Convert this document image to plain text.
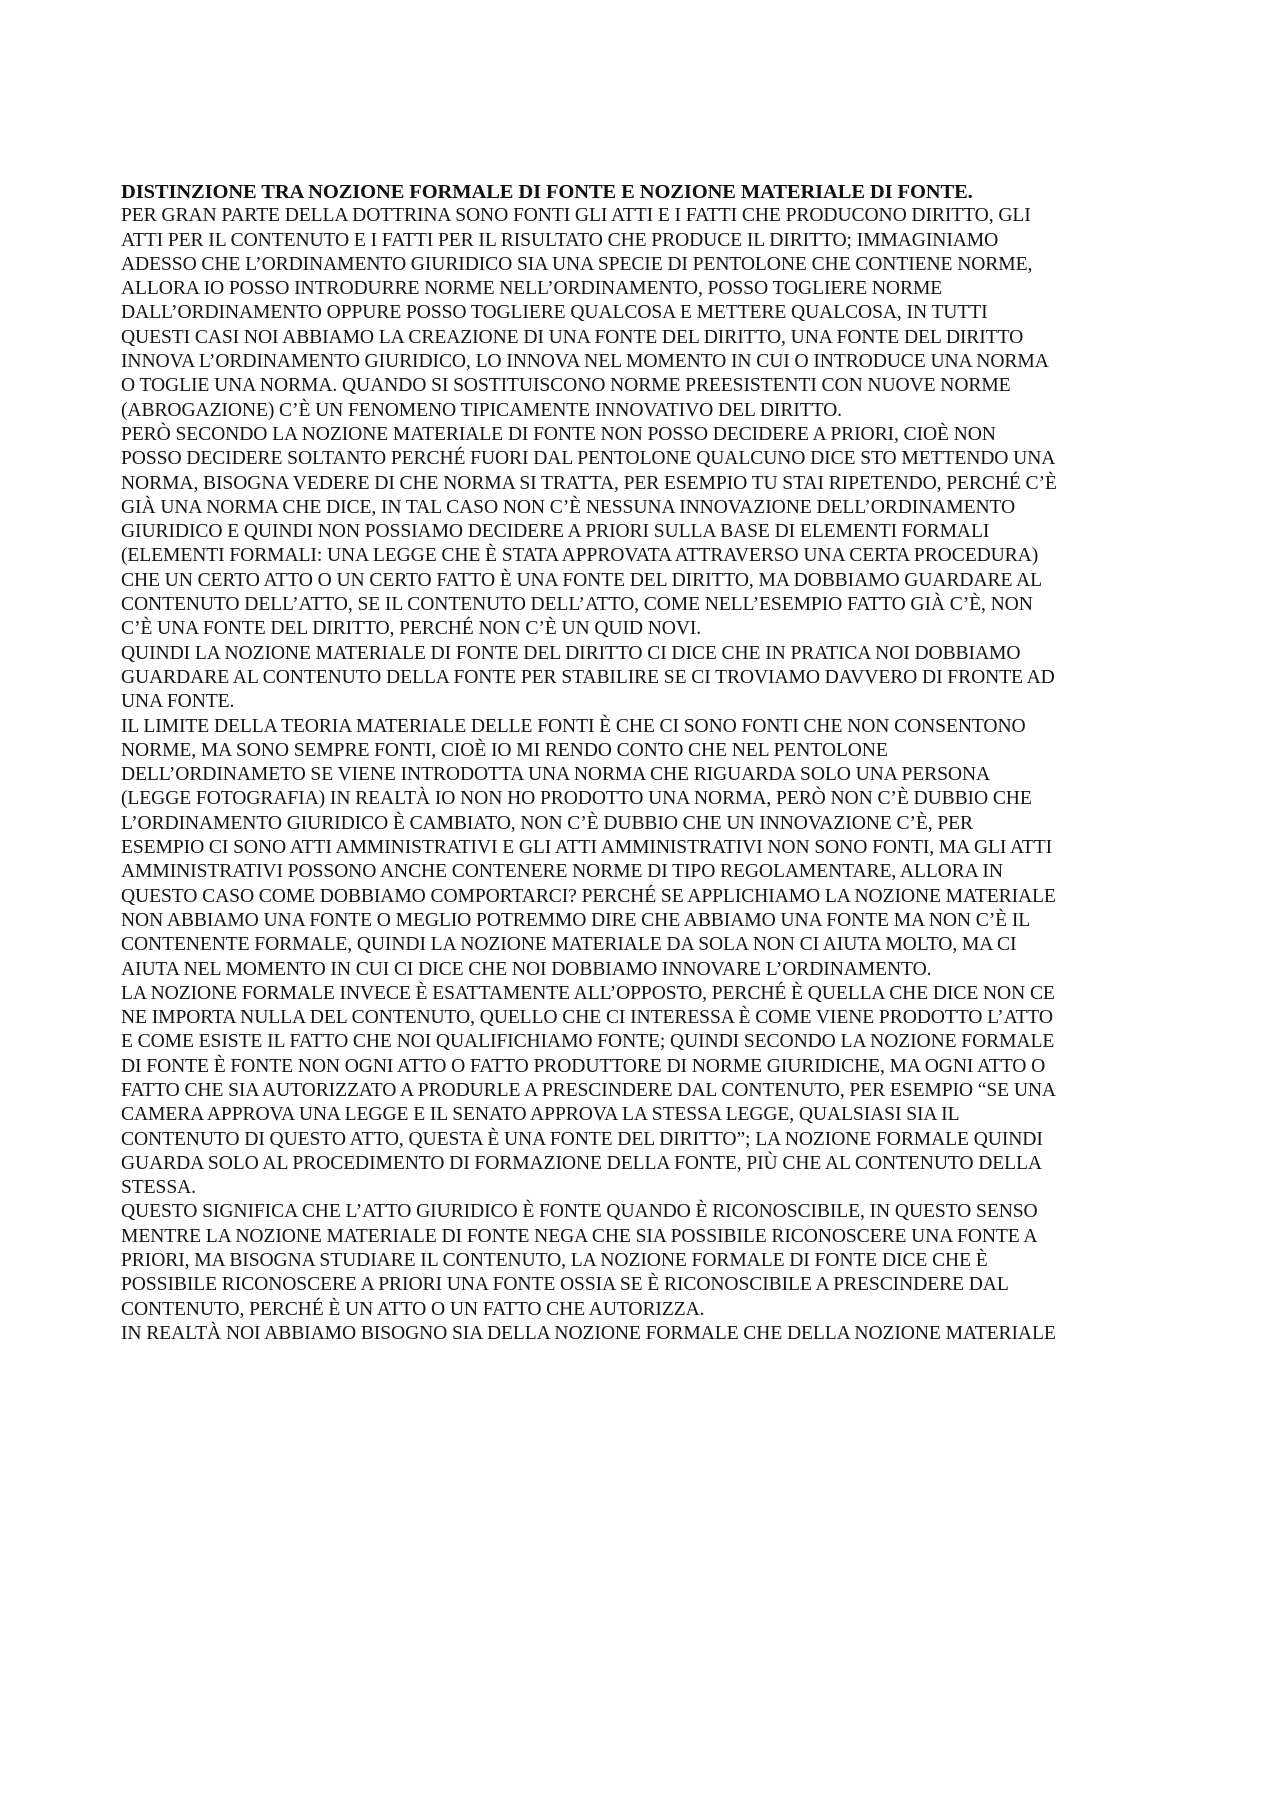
DISTINZIONE TRA NOZIONE FORMALE DI FONTE E NOZIONE MATERIALE DI FONTE.
PER GRAN PARTE DELLA DOTTRINA SONO FONTI GLI ATTI E I FATTI CHE PRODUCONO DIRITTO, GLI
ATTI PER IL CONTENUTO E I FATTI PER IL RISULTATO CHE PRODUCE IL DIRITTO; IMMAGINIAMO
ADESSO CHE L’ORDINAMENTO GIURIDICO SIA UNA SPECIE DI PENTOLONE CHE CONTIENE NORME,
ALLORA IO POSSO INTRODURRE NORME NELL’ORDINAMENTO, POSSO TOGLIERE NORME
DALL’ORDINAMENTO OPPURE POSSO TOGLIERE QUALCOSA E METTERE QUALCOSA, IN TUTTI
QUESTI CASI NOI ABBIAMO LA CREAZIONE DI UNA FONTE DEL DIRITTO, UNA FONTE DEL DIRITTO
INNOVA L’ORDINAMENTO GIURIDICO, LO INNOVA NEL MOMENTO IN CUI O INTRODUCE UNA NORMA
O TOGLIE UNA NORMA. QUANDO SI SOSTITUISCONO NORME PREESISTENTI CON NUOVE NORME
(ABROGAZIONE) C’È UN FENOMENO TIPICAMENTE INNOVATIVO DEL DIRITTO.
PERÒ SECONDO LA NOZIONE MATERIALE DI FONTE NON POSSO DECIDERE A PRIORI, CIOÈ NON
POSSO DECIDERE SOLTANTO PERCHÉ FUORI DAL PENTOLONE QUALCUNO DICE STO METTENDO UNA
NORMA, BISOGNA VEDERE DI CHE NORMA SI TRATTA, PER ESEMPIO TU STAI RIPETENDO, PERCHÉ C’È
GIÀ UNA NORMA CHE DICE, IN TAL CASO NON C’È NESSUNA INNOVAZIONE DELL’ORDINAMENTO
GIURIDICO E QUINDI NON POSSIAMO DECIDERE A PRIORI SULLA BASE DI ELEMENTI FORMALI
(ELEMENTI FORMALI: UNA LEGGE CHE È STATA APPROVATA ATTRAVERSO UNA CERTA PROCEDURA)
CHE UN CERTO ATTO O UN CERTO FATTO È UNA FONTE DEL DIRITTO, MA DOBBIAMO GUARDARE AL
CONTENUTO DELL’ATTO, SE IL CONTENUTO DELL’ATTO, COME NELL’ESEMPIO FATTO GIÀ C’È, NON
C’È UNA FONTE DEL DIRITTO, PERCHÉ NON C’È UN QUID NOVI.
QUINDI LA NOZIONE MATERIALE DI FONTE DEL DIRITTO CI DICE CHE IN PRATICA NOI DOBBIAMO
GUARDARE AL CONTENUTO DELLA FONTE PER STABILIRE SE CI TROVIAMO DAVVERO DI FRONTE AD
UNA FONTE.
IL LIMITE DELLA TEORIA MATERIALE DELLE FONTI È CHE CI SONO FONTI CHE NON CONSENTONO
NORME, MA SONO SEMPRE FONTI, CIOÈ IO MI RENDO CONTO CHE NEL PENTOLONE
DELL’ORDINAMETO SE VIENE INTRODOTTA UNA NORMA CHE RIGUARDA SOLO UNA PERSONA
(LEGGE FOTOGRAFIA) IN REALTÀ IO NON HO PRODOTTO UNA NORMA, PERÒ NON C’È DUBBIO CHE
L’ORDINAMENTO GIURIDICO È CAMBIATO, NON C’È DUBBIO CHE UN INNOVAZIONE C’È, PER
ESEMPIO CI SONO ATTI AMMINISTRATIVI E GLI ATTI AMMINISTRATIVI NON SONO FONTI, MA GLI ATTI
AMMINISTRATIVI POSSONO ANCHE CONTENERE NORME DI TIPO REGOLAMENTARE, ALLORA IN
QUESTO CASO COME DOBBIAMO COMPORTARCI? PERCHÉ SE APPLICHIAMO LA NOZIONE MATERIALE
NON ABBIAMO UNA FONTE O MEGLIO POTREMMO DIRE CHE ABBIAMO UNA FONTE MA NON C’È IL
CONTENENTE FORMALE, QUINDI LA NOZIONE MATERIALE DA SOLA NON CI AIUTA MOLTO, MA CI
AIUTA NEL MOMENTO IN CUI CI DICE CHE NOI DOBBIAMO INNOVARE L’ORDINAMENTO.
LA NOZIONE FORMALE INVECE È ESATTAMENTE ALL’OPPOSTO, PERCHÉ È QUELLA CHE DICE NON CE
NE IMPORTA NULLA DEL CONTENUTO, QUELLO CHE CI INTERESSA È COME VIENE PRODOTTO L’ATTO
E COME ESISTE IL FATTO CHE NOI QUALIFICHIAMO FONTE; QUINDI SECONDO LA NOZIONE FORMALE
DI FONTE È FONTE NON OGNI ATTO O FATTO PRODUTTORE DI NORME GIURIDICHE, MA OGNI ATTO O
FATTO CHE SIA AUTORIZZATO A PRODURLE A PRESCINDERE DAL CONTENUTO, PER ESEMPIO “SE UNA
CAMERA APPROVA UNA LEGGE E IL SENATO APPROVA LA STESSA LEGGE, QUALSIASI SIA IL
CONTENUTO DI QUESTO ATTO, QUESTA È UNA FONTE DEL DIRITTO”; LA NOZIONE FORMALE QUINDI
GUARDA SOLO AL PROCEDIMENTO DI FORMAZIONE DELLA FONTE, PIÙ CHE AL CONTENUTO DELLA
STESSA.
QUESTO SIGNIFICA CHE L’ATTO GIURIDICO È FONTE QUANDO È RICONOSCIBILE, IN QUESTO SENSO
MENTRE LA NOZIONE MATERIALE DI FONTE NEGA CHE SIA POSSIBILE RICONOSCERE UNA FONTE A
PRIORI, MA BISOGNA STUDIARE IL CONTENUTO, LA NOZIONE FORMALE DI FONTE DICE CHE È
POSSIBILE RICONOSCERE A PRIORI UNA FONTE OSSIA SE È RICONOSCIBILE A PRESCINDERE DAL
CONTENUTO, PERCHÉ È UN ATTO O UN FATTO CHE AUTORIZZA.
IN REALTÀ NOI ABBIAMO BISOGNO SIA DELLA NOZIONE FORMALE CHE DELLA NOZIONE MATERIALE
